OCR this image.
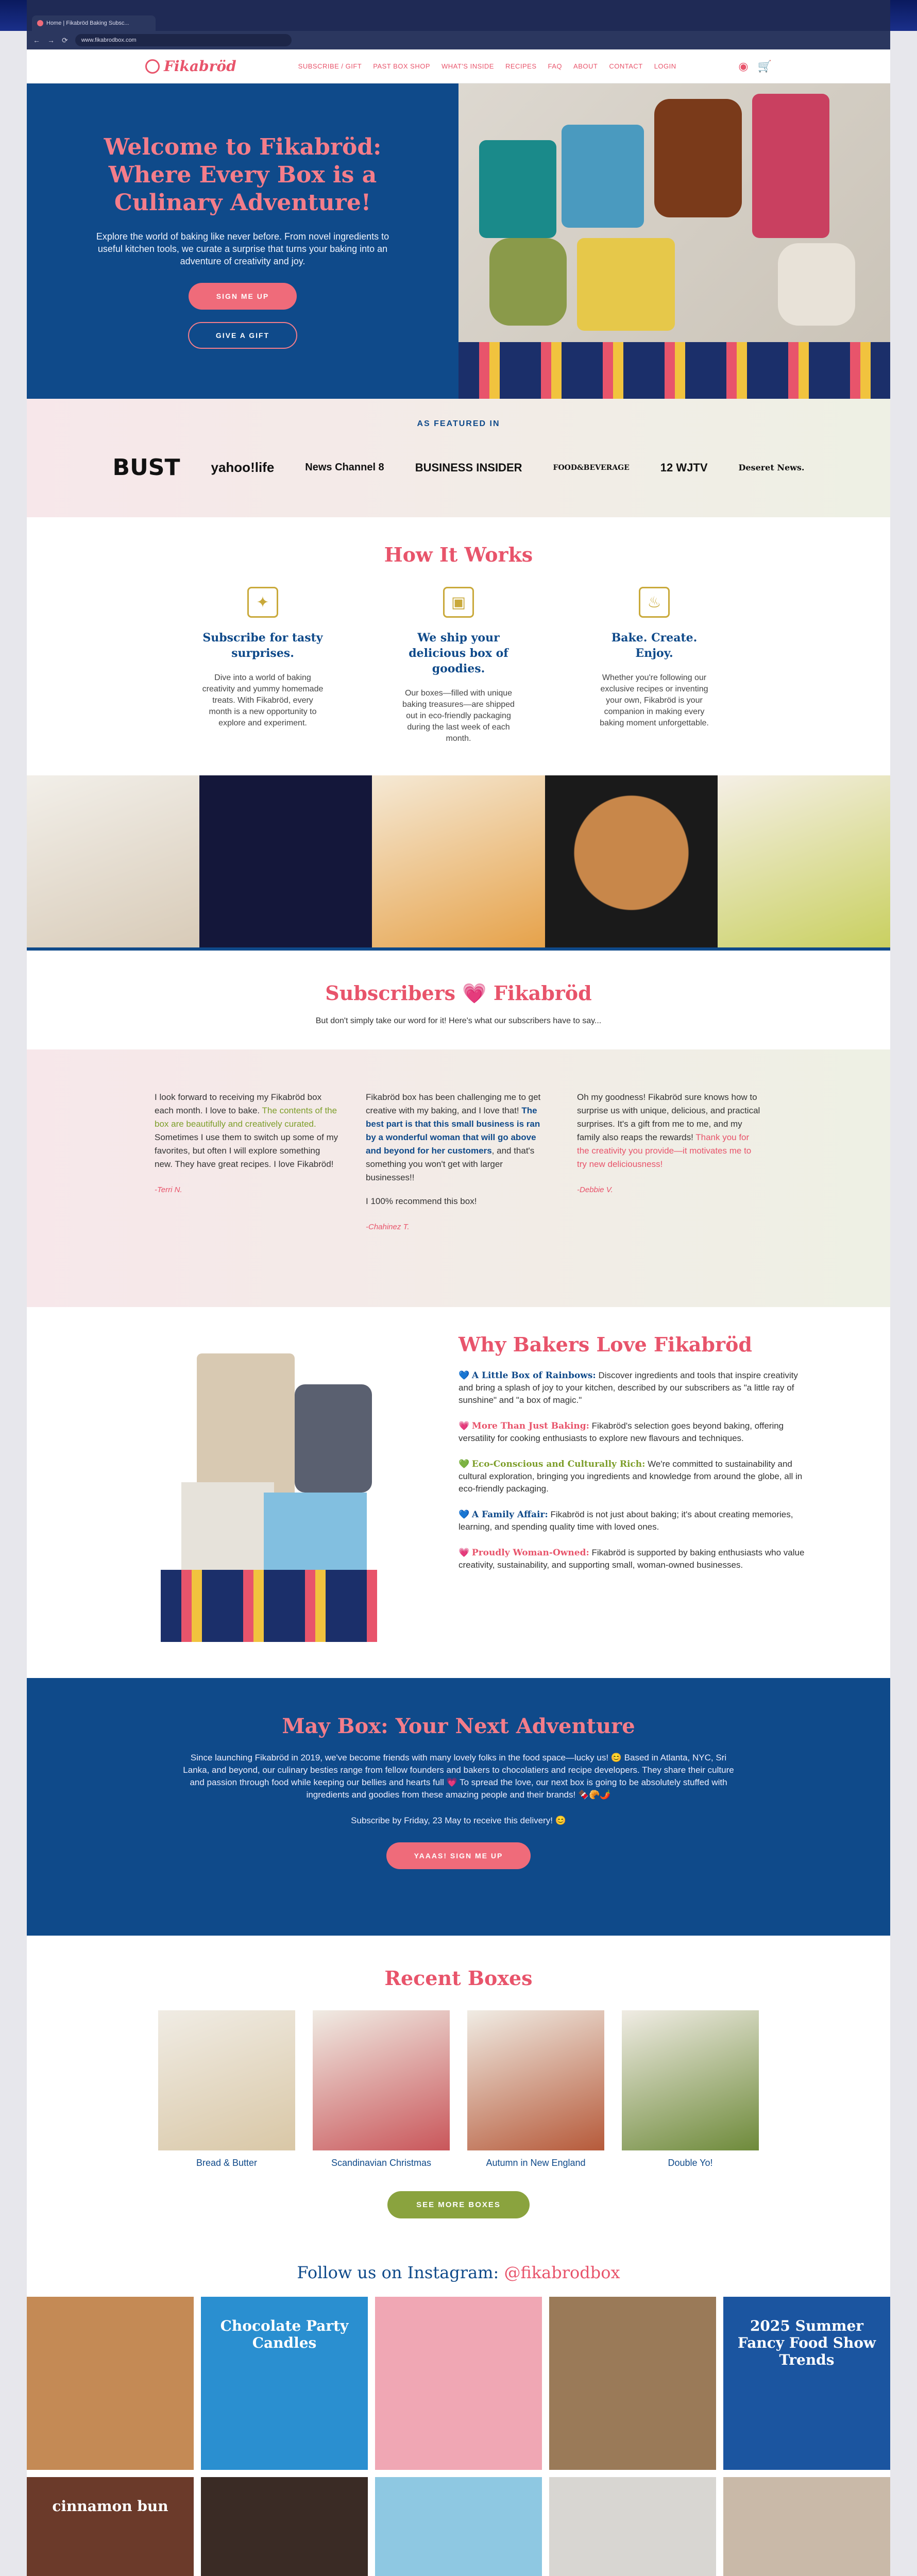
Home | Fikabröd Baking Subsc...
← → ⟳ www.fikabrodbox.com
Fikabröd	SUBSCRIBE / GIFT PAST BOX SHOP WHAT'S INSIDE RECIPES FAQ ABOUT CONTACT LOGIN	◉ 🛒
Welcome to Fikabröd: Where Every Box is a Culinary Adventure!
Explore the world of baking like never before. From novel ingredients to useful kitchen tools, we curate a surprise that turns your baking into an adventure of creativity and joy.
SIGN ME UP
GIVE A GIFT
AS FEATURED IN
BUST yahoo!life	News Channel 8	BUSINESS INSIDER	FOOD&BEVERAGE	12 WJTV	Deseret News.
How It Works
✦
Subscribe for tasty surprises.

Dive into a world of baking creativity and yummy homemade treats. With Fikabröd, every month is a new opportunity to explore and experiment.

▣
We ship your delicious box of goodies.

Our boxes—filled with unique baking treasures—are shipped out in eco-friendly packaging during the last week of each month.

♨
Bake. Create. Enjoy.

Whether you're following our exclusive recipes or inventing your own, Fikabröd is your companion in making every baking moment unforgettable.

Subscribers 💗 Fikabröd

But don't simply take our word for it! Here's what our subscribers have to say...

I look forward to receiving my Fikabröd box each month. I love to bake. The contents of the box are beautifully and creatively curated. Sometimes I use them to switch up some of my favorites, but often I will explore something new. They have great recipes. I love Fikabröd!
-Terri N.
Fikabröd box has been challenging me to get creative with my baking, and I love that! The best part is that this small business is ran by a wonderful woman that will go above and beyond for her customers, and that's something you won't get with larger businesses!!
I 100% recommend this box!
-Chahinez T.
Oh my goodness! Fikabröd sure knows how to surprise us with unique, delicious, and practical surprises. It's a gift from me to me, and my family also reaps the rewards! Thank you for the creativity you provide—it motivates me to try new deliciousness!
-Debbie V.
Why Bakers Love Fikabröd
💙 A Little Box of Rainbows: Discover ingredients and tools that inspire creativity and bring a splash of joy to your kitchen, described by our subscribers as "a little ray of sunshine" and "a box of magic."
💗 More Than Just Baking: Fikabröd's selection goes beyond baking, offering versatility for cooking enthusiasts to explore new flavours and techniques.
💚 Eco-Conscious and Culturally Rich: We're committed to sustainability and cultural exploration, bringing you ingredients and knowledge from around the globe, all in eco-friendly packaging.
💙 A Family Affair: Fikabröd is not just about baking; it's about creating memories, learning, and spending quality time with loved ones.
💗 Proudly Woman-Owned: Fikabröd is supported by baking enthusiasts who value creativity, sustainability, and supporting small, woman-owned businesses.
May Box: Your Next Adventure

Since launching Fikabröd in 2019, we've become friends with many lovely folks in the food space—lucky us! 😊 Based in Atlanta, NYC, Sri Lanka, and beyond, our culinary besties range from fellow founders and bakers to chocolatiers and recipe developers. They share their culture and passion through food while keeping our bellies and hearts full 💗 To spread the love, our next box is going to be absolutely stuffed with ingredients and goodies from these amazing people and their brands! 🍫🥐🌶️

Subscribe by Friday, 23 May to receive this delivery! 😊

YAAAS! SIGN ME UP
Recent Boxes
Bread & Butter	Scandinavian Christmas	Autumn in New England	Double Yo!
SEE MORE BOXES
Follow us on Instagram: @fikabrodbox
Chocolate Party Candles
2025 Summer Fancy Food Show Trends
cinnamon bun
